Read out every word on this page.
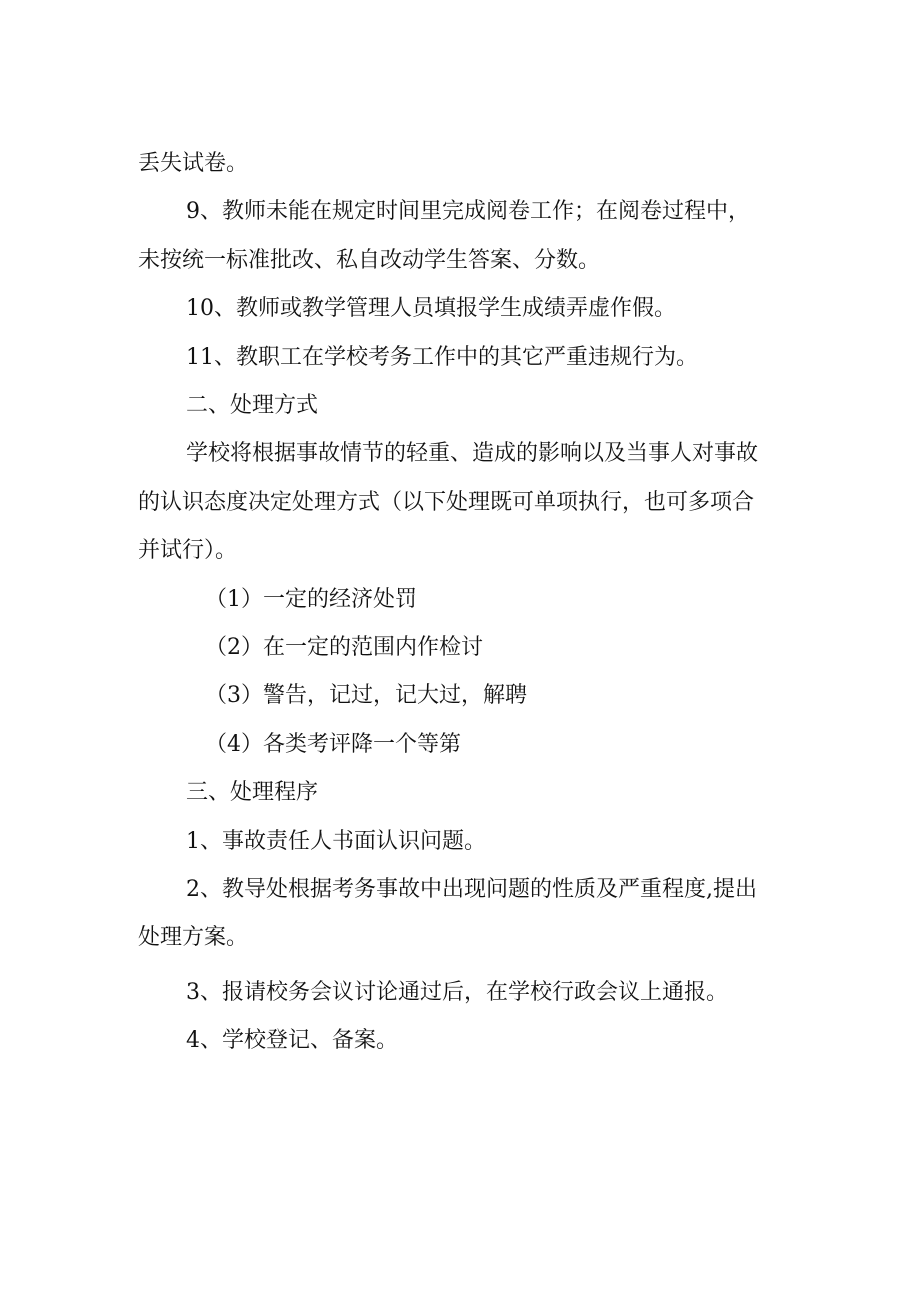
丢失试卷。
9、教师未能在规定时间里完成阅卷工作；在阅卷过程中，
未按统一标准批改、私自改动学生答案、分数。
10、教师或教学管理人员填报学生成绩弄虚作假。
11、教职工在学校考务工作中的其它严重违规行为。
二、处理方式
学校将根据事故情节的轻重、造成的影响以及当事人对事故
的认识态度决定处理方式（以下处理既可单项执行，也可多项合
并试行）。
（1）一定的经济处罚
（2）在一定的范围内作检讨
（3）警告，记过，记大过，解聘
（4）各类考评降一个等第
三、处理程序
1、事故责任人书面认识问题。
2、教导处根据考务事故中出现问题的性质及严重程度,提出
处理方案。
3、报请校务会议讨论通过后，在学校行政会议上通报。
4、学校登记、备案。
